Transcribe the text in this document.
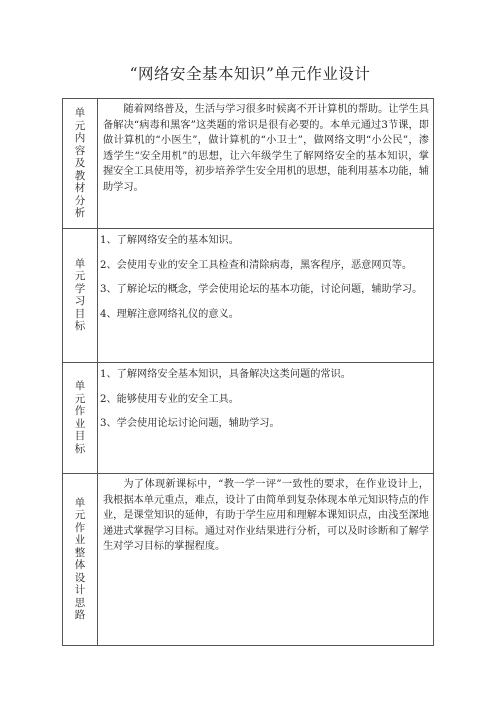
“网络安全基本知识”单元作业设计
单元内容及教材分析	随着网络普及，生活与学习很多时候离不开计算机的帮助。让学生具备解决“病毒和黑客”这类题的常识是很有必要的。本单元通过3节课，即做计算机的“小医生”，做计算机的“小卫士”，做网络文明“小公民”，渗透学生“安全用机”的思想，让六年级学生了解网络安全的基本知识，掌握安全工具使用等，初步培养学生安全用机的思想，能利用基本功能，辅助学习。

单元学习目标	1、了解网络安全的基本知识。

2、会使用专业的安全工具检查和清除病毒，黑客程序，恶意网页等。

3、了解论坛的概念，学会使用论坛的基本功能，讨论问题，辅助学习。

4、理解注意网络礼仪的意义。

单元作业目标	1、了解网络安全基本知识，具备解决这类问题的常识。

2、能够使用专业的安全工具。

3、学会使用论坛讨论问题，辅助学习。

单元作业整体设计思路	为了体现新课标中，“教一学一评”一致性的要求，在作业设计上，我根据本单元重点，难点，设计了由简单到复杂体现本单元知识特点的作业，是课堂知识的延伸，有助于学生应用和理解本课知识点，由浅至深地递进式掌握学习目标。通过对作业结果进行分析，可以及时诊断和了解学生对学习目标的掌握程度。
